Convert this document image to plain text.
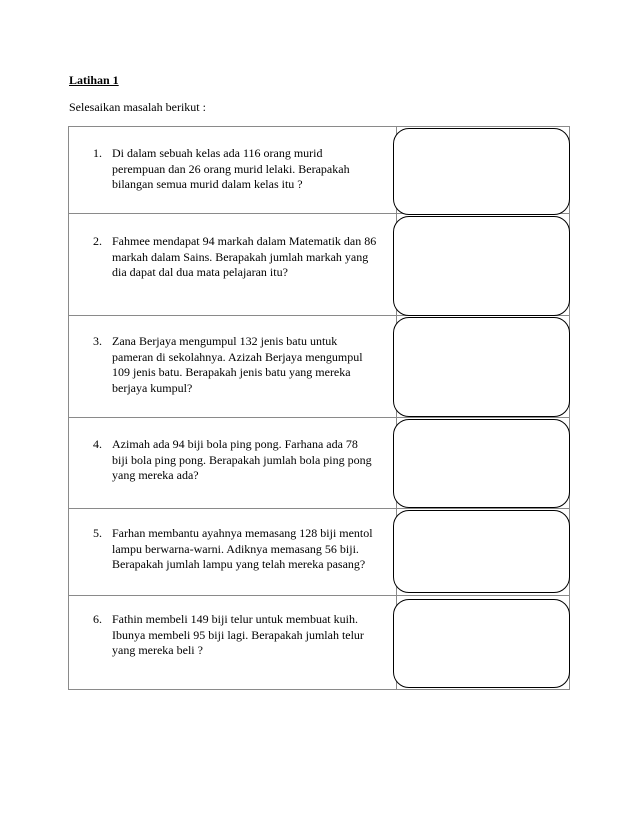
Latihan 1

Selesaikan masalah berikut :

1. Di dalam sebuah kelas ada 116 orang murid
perempuan dan 26 orang murid lelaki. Berapakah
bilangan semua murid dalam kelas itu ?
2. Fahmee mendapat 94 markah dalam Matematik dan 86
markah dalam Sains. Berapakah jumlah markah yang
dia dapat dal dua mata pelajaran itu?
3. Zana Berjaya mengumpul 132 jenis batu untuk
pameran di sekolahnya. Azizah Berjaya mengumpul
109 jenis batu. Berapakah jenis batu yang mereka
berjaya kumpul?
4. Azimah ada 94 biji bola ping pong. Farhana ada 78
biji bola ping pong. Berapakah jumlah bola ping pong
yang mereka ada?
5. Farhan membantu ayahnya memasang 128 biji mentol
lampu berwarna-warni. Adiknya memasang 56 biji.
Berapakah jumlah lampu yang telah mereka pasang?
6. Fathin membeli 149 biji telur untuk membuat kuih.
Ibunya membeli 95 biji lagi. Berapakah jumlah telur
yang mereka beli ?
